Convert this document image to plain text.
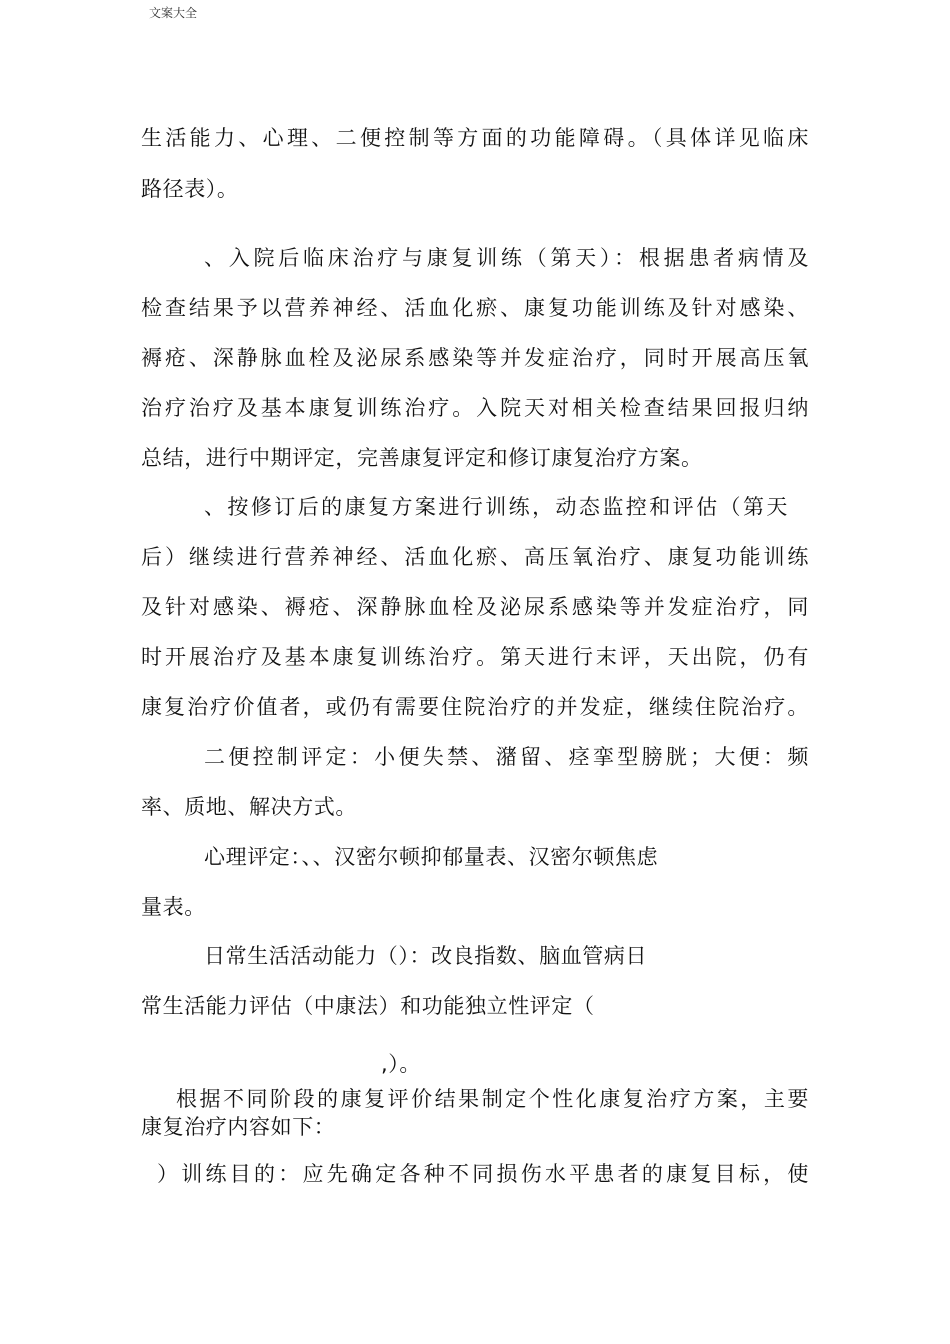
文案大全
生活能力、心理、二便控制等方面的功能障碍。（具体详见临床
路径表）。
、入院后临床治疗与康复训练（第天）：根据患者病情及
检查结果予以营养神经、活血化瘀、康复功能训练及针对感染、
褥疮、深静脉血栓及泌尿系感染等并发症治疗，同时开展高压氧
治疗治疗及基本康复训练治疗。入院天对相关检查结果回报归纳
总结，进行中期评定，完善康复评定和修订康复治疗方案。
、按修订后的康复方案进行训练，动态监控和评估（第天
后）继续进行营养神经、活血化瘀、高压氧治疗、康复功能训练
及针对感染、褥疮、深静脉血栓及泌尿系感染等并发症治疗，同
时开展治疗及基本康复训练治疗。第天进行末评，天出院，仍有
康复治疗价值者，或仍有需要住院治疗的并发症，继续住院治疗。
二便控制评定：小便失禁、潴留、痉挛型膀胱；大便：频
率、质地、解决方式。
心理评定：、、汉密尔顿抑郁量表、汉密尔顿焦虑
量表。
日常生活活动能力（）：改良指数、脑血管病日
常生活能力评估（中康法）和功能独立性评定（
,）。
根据不同阶段的康复评价结果制定个性化康复治疗方案，主要
康复治疗内容如下：
）训练目的：应先确定各种不同损伤水平患者的康复目标，使
